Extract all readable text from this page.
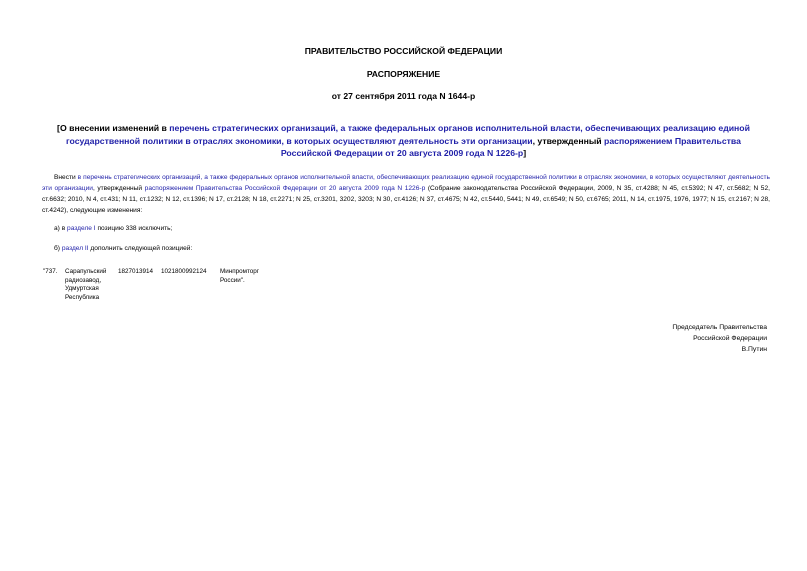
ПРАВИТЕЛЬСТВО РОССИЙСКОЙ ФЕДЕРАЦИИ
РАСПОРЯЖЕНИЕ
от 27 сентября 2011 года N 1644-р
[О внесении изменений в перечень стратегических организаций, а также федеральных органов исполнительной власти, обеспечивающих реализацию единой государственной политики в отраслях экономики, в которых осуществляют деятельность эти организации, утвержденный распоряжением Правительства Российской Федерации от 20 августа 2009 года N 1226-р]
Внести в перечень стратегических организаций, а также федеральных органов исполнительной власти, обеспечивающих реализацию единой государственной политики в отраслях экономики, в которых осуществляют деятельность эти организации, утвержденный распоряжением Правительства Российской Федерации от 20 августа 2009 года N 1226-р (Собрание законодательства Российской Федерации, 2009, N 35, ст.4288; N 45, ст.5392; N 47, ст.5682; N 52, ст.6632; 2010, N 4, ст.431; N 11, ст.1232; N 12, ст.1396; N 17, ст.2128; N 18, ст.2271; N 25, ст.3201, 3202, 3203; N 30, ст.4126; N 37, ст.4675; N 42, ст.5440, 5441; N 49, ст.6549; N 50, ст.6765; 2011, N 14, ст.1975, 1976, 1977; N 15, ст.2167; N 28, ст.4242), следующие изменения:
а) в разделе I позицию 338 исключить;
б) раздел II дополнить следующей позицией:
"737. Сарапульский радиозавод, Удмуртская Республика
1827013914 1021800992124 Минпромторг России".
Председатель Правительства
Российской Федерации
В.Путин
